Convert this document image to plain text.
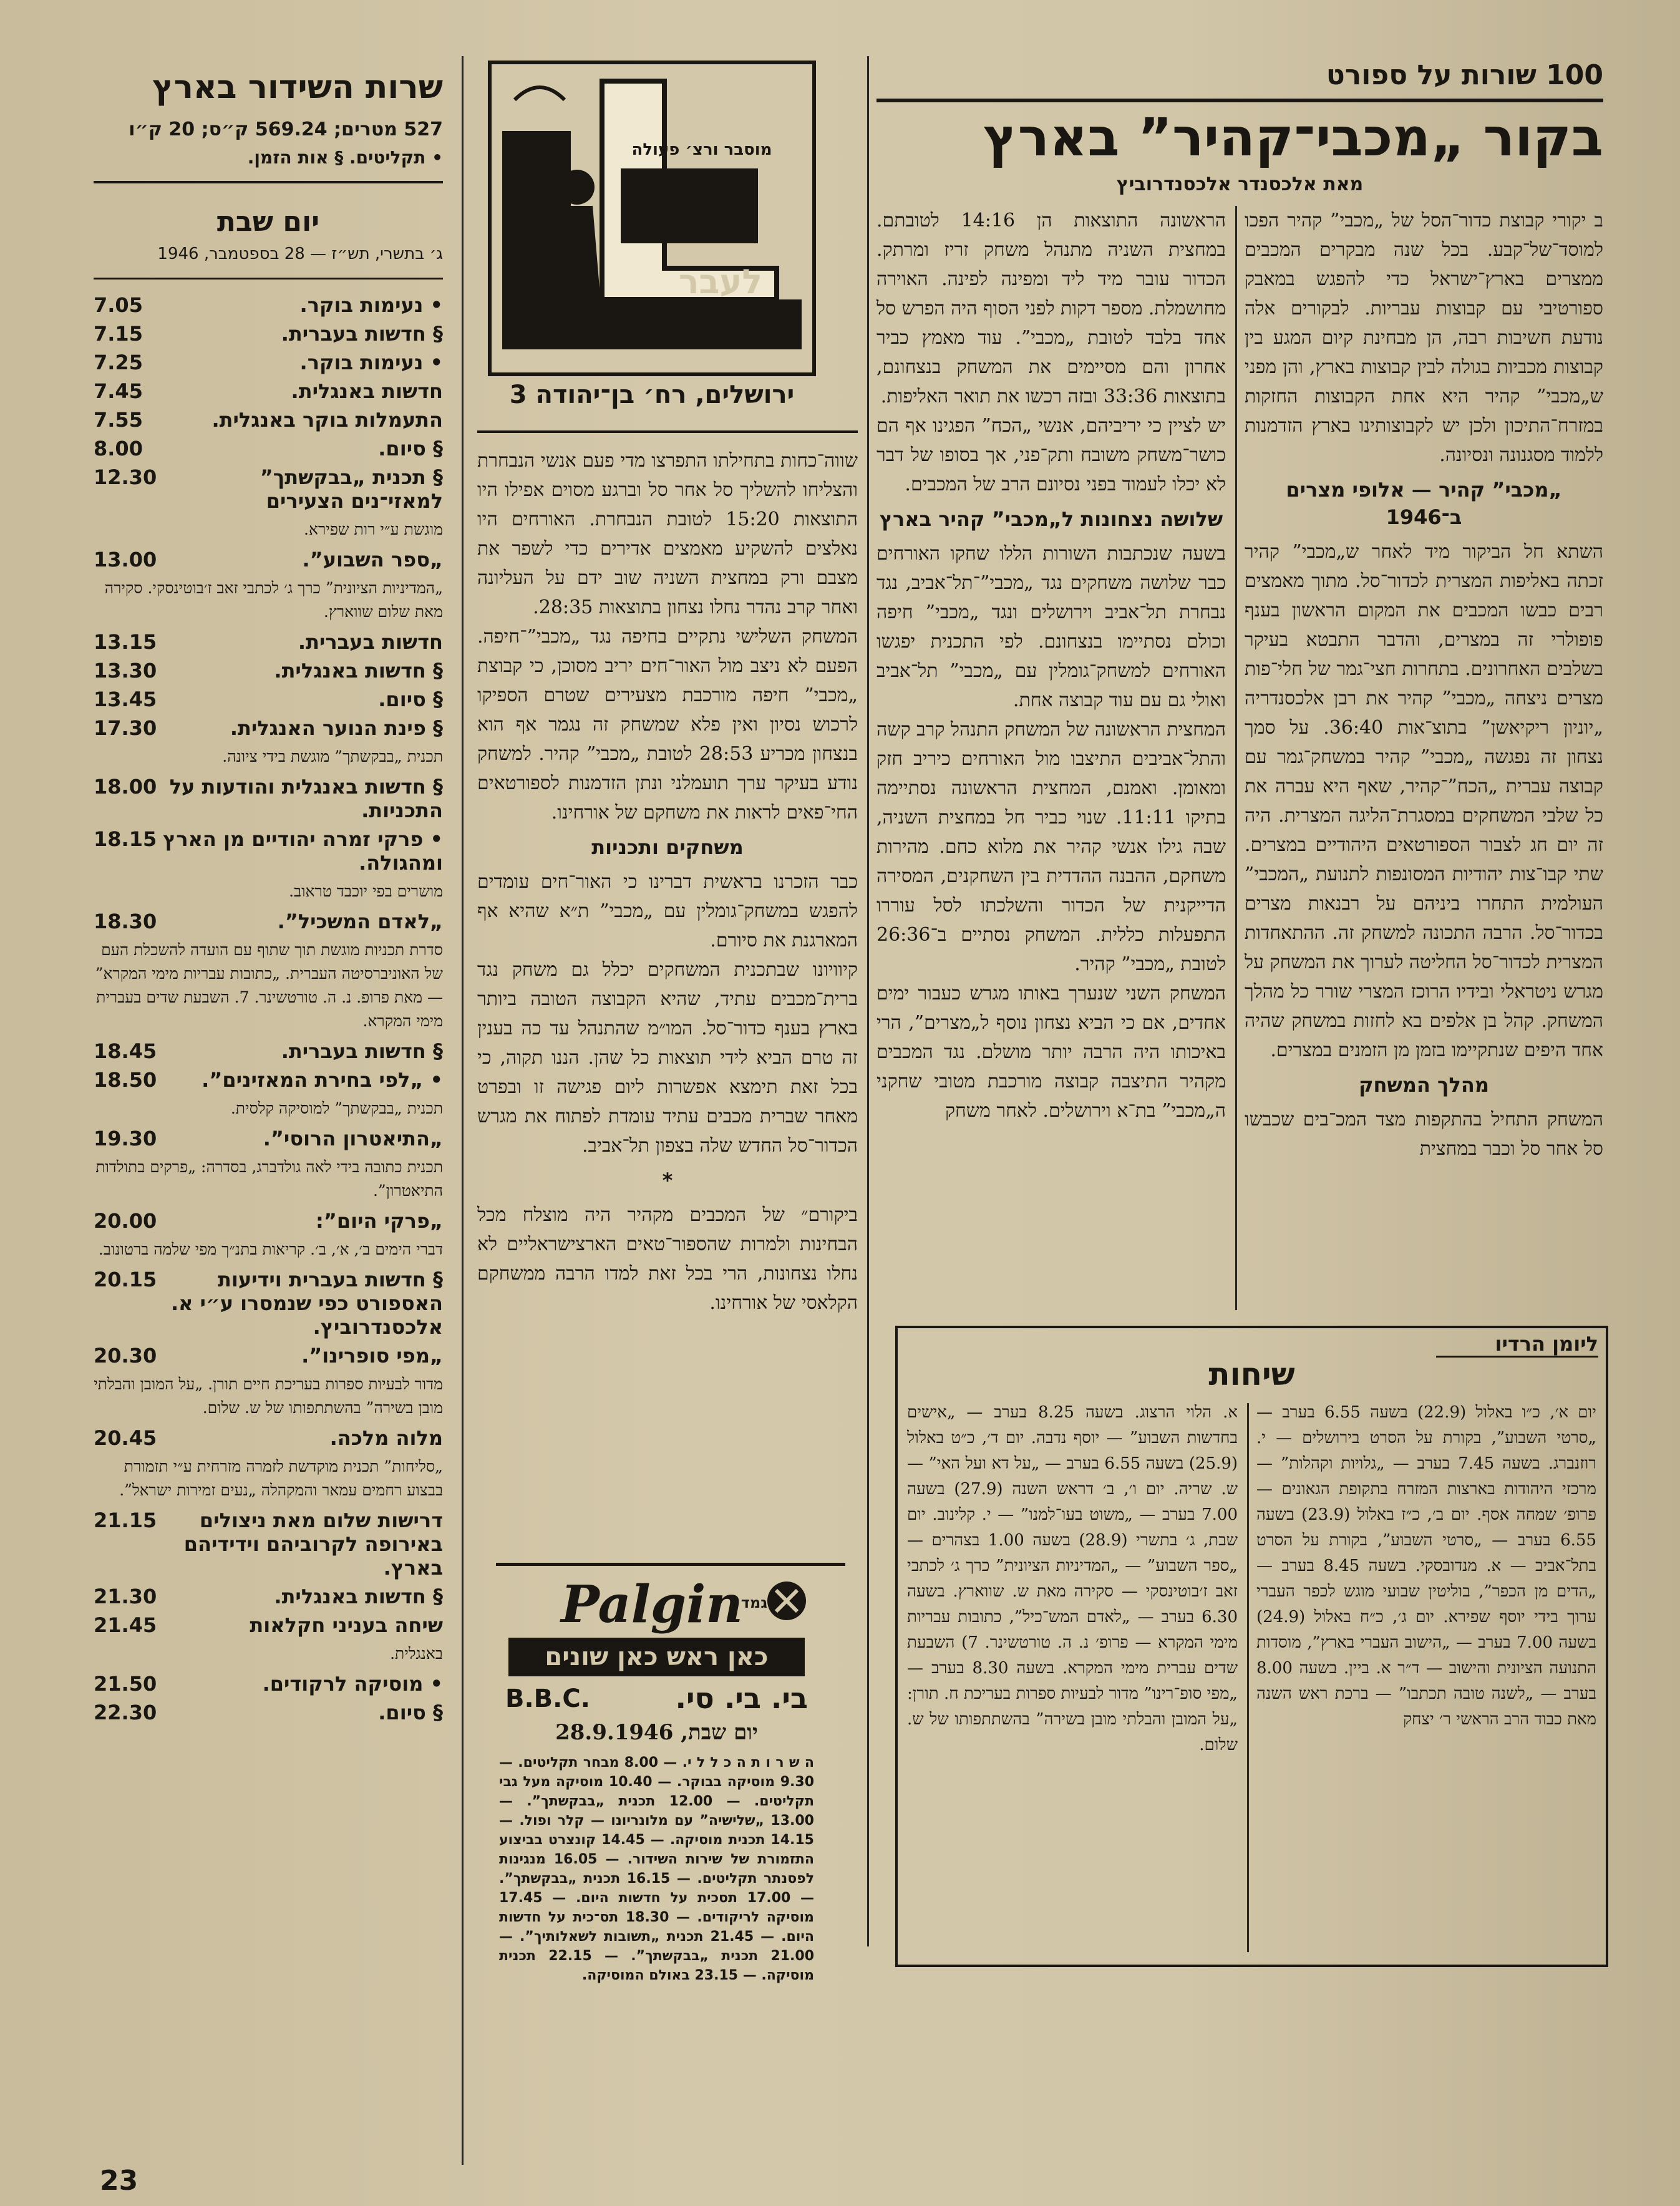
100 שורות על ספורט
בקור „מכבי־קהיר” בארץ
מאת אלכסנדר אלכסנדרוביץ

ב יקורי קבוצת כדור־הסל של „מכבי” קהיר הפכו למוסד־של־קבע. בכל שנה מבקרים המכבים ממצרים בארץ־ישראל כדי להפגש במאבק ספורטיבי עם קבוצות עבריות. לבקורים אלה נודעת חשיבות רבה, הן מבחינת קיום המגע בין קבוצות מכביות בגולה לבין קבוצות בארץ, והן מפני ש„מכבי” קהיר היא אחת הקבוצות החזקות במזרח־התיכון ולכן יש לקבוצותינו בארץ הזדמנות ללמוד מסגנונה ונסיונה.

„מכבי” קהיר — אלופי מצרים ב־1946

השתא חל הביקור מיד לאחר ש„מכבי” קהיר זכתה באליפות המצרית לכדור־סל. מתוך מאמצים רבים כבשו המכבים את המקום הראשון בענף פופולרי זה במצרים, והדבר התבטא בעיקר בשלבים האחרונים. בתחרות חצי־גמר של חלי־פות מצרים ניצחה „מכבי” קהיר את רבן אלכסנדריה „יוניון ריקיאשן” בתוצ־אות 36:40. על סמך נצחון זה נפגשה „מכבי” קהיר במשחק־גמר עם קבוצה עברית „הכח”־קהיר, שאף היא עברה את כל שלבי המשחקים במסגרת־הליגה המצרית. היה זה יום חג לצבור הספורטאים היהודיים במצרים. שתי קבו־צות יהודיות המסונפות לתנועת „המכבי” העולמית התחרו ביניהם על רבנאות מצרים בכדור־סל. הרבה התכונה למשחק זה. ההתאחדות המצרית לכדור־סל החליטה לערוך את המשחק על מגרש ניטראלי ובידיו הרוכז המצרי שורר כל מהלך המשחק. קהל בן אלפים בא לחזות במשחק שהיה אחד היפים שנתקיימו בזמן מן הזמנים במצרים.

מהלך המשחק

המשחק התחיל בהתקפות מצד המכ־בים שכבשו סל אחר סל וכבר במחצית

הראשונה התוצאות הן 14:16 לטובתם. במחצית השניה מתנהל משחק זריז ומרתק. הכדור עובר מיד ליד ומפינה לפינה. האוירה מחושמלת. מספר דקות לפני הסוף היה הפרש סל אחד בלבד לטובת „מכבי”. עוד מאמץ כביר אחרון והם מסיימים את המשחק בנצחונם, בתוצאות 33:36 ובזה רכשו את תואר האליפות.

יש לציין כי יריביהם, אנשי „הכח” הפגינו אף הם כושר־משחק משובח ותק־פני, אך בסופו של דבר לא יכלו לעמוד בפני נסיונם הרב של המכבים.

שלושה נצחונות ל„מכבי” קהיר בארץ

בשעה שנכתבות השורות הללו שחקו האורחים כבר שלושה משחקים נגד „מכבי”־תל־אביב, נגד נבחרת תל־אביב וירושלים ונגד „מכבי” חיפה וכולם נסתיימו בנצחונם. לפי התכנית יפגשו האורחים למשחק־גומלין עם „מכבי” תל־אביב ואולי גם עם עוד קבוצה אחת.

המחצית הראשונה של המשחק התנהל קרב קשה והתל־אביבים התיצבו מול האורחים כיריב חזק ומאומן. ואמנם, המחצית הראשונה נסתיימה בתיקו 11:11. שנוי כביר חל במחצית השניה, שבה גילו אנשי קהיר את מלוא כחם. מהירות משחקם, ההבנה ההדדית בין השחקנים, המסירה הדייקנית של הכדור והשלכתו לסל עוררו התפעלות כללית. המשחק נסתיים ב־26:36 לטובת „מכבי” קהיר.

המשחק השני שנערך באותו מגרש כעבור ימים אחדים, אם כי הביא נצחון נוסף ל„מצרים”, הרי באיכותו היה הרבה יותר מושלם. נגד המכבים מקהיר התיצבה קבוצה מורכבת מטובי שחקני ה„מכבי” בת־א וירושלים. לאחר משחק

מוסבר ורצ׳ פעולה
לעבר
ירושלים, רח׳ בן־יהודה 3

שווה־כחות בתחילתו התפרצו מדי פעם אנשי הנבחרת והצליחו להשליך סל אחר סל וברגע מסוים אפילו היו התוצאות 15:20 לטובת הנבחרת. האורחים היו נאלצים להשקיע מאמצים אדירים כדי לשפר את מצבם ורק במחצית השניה שוב ידם על העליונה ואחר קרב נהדר נחלו נצחון בתוצאות 28:35.

המשחק השלישי נתקיים בחיפה נגד „מכבי”־חיפה. הפעם לא ניצב מול האור־חים יריב מסוכן, כי קבוצת „מכבי” חיפה מורכבת מצעירים שטרם הספיקו לרכוש נסיון ואין פלא שמשחק זה נגמר אף הוא בנצחון מכריע 28:53 לטובת „מכבי” קהיר. למשחק נודע בעיקר ערך תועמלני ונתן הזדמנות לספורטאים החי־פאים לראות את משחקם של אורחינו.

משחקים ותכניות

כבר הזכרנו בראשית דברינו כי האור־חים עומדים להפגש במשחק־גומלין עם „מכבי” ת״א שהיא אף המארגנת את סיורם.

קיוויונו שבתכנית המשחקים יכלל גם משחק נגד ברית־מכבים עתיד, שהיא הקבוצה הטובה ביותר בארץ בענף כדור־סל. המו״מ שהתנהל עד כה בענין זה טרם הביא לידי תוצאות כל שהן. הננו תקוה, כי בכל זאת תימצא אפשרות ליום פגישה זו ובפרט מאחר שברית מכבים עתיד עומדת לפתוח את מגרש הכדור־סל החדש שלה בצפון תל־אביב.

*

ביקורם״ של המכבים מקהיר היה מוצלח מכל הבחינות ולמרות שהספור־טאים הארצישראליים לא נחלו נצחונות, הרי בכל זאת למדו הרבה ממשחקם הקלאסי של אורחינו.

Palgin
גמד
כאן ראש כאן שונים
B.B.C.	בי. בי. סי.
יום שבת, 28.9.1946
ה ש ר ו ת ה כ ל ל י. — 8.00 מבחר תקליטים. — 9.30 מוסיקה בבוקר. — 10.40 מוסיקה מעל גבי תקליטים. — 12.00 תכנית „בבקשתך”. — 13.00 „שלישיה” עם מלונריונו — קלר ופול. — 14.15 תכנית מוסיקה. — 14.45 קונצרט בביצוע התזמורת של שירות השידור. — 16.05 מנגינות לפסנתר תקליטים. — 16.15 תכנית „בבקשתך”. — 17.00 תסכית על חדשות היום. — 17.45 מוסיקה לריקודים. — 18.30 תס־כית על חדשות היום. — 21.45 תכנית „תשובות לשאלותיך”. — 21.00 תכנית „בבקשתך”. — 22.15 תכנית מוסיקה. — 23.15 באולם המוסיקה.
ליומן הרדיו
שיחות
יום א׳, כ״ו באלול (22.9) בשעה 6.55 בערב — „סרטי השבוע”, בקורת על הסרט בירושלים — י. רוזנברג. בשעה 7.45 בערב — „גלויות וקהלות” — מרכזי היהודות בארצות המזרח בתקופת הגאונים — פרופ׳ שמחה אסף. יום ב׳, כ״ז באלול (23.9) בשעה 6.55 בערב — „סרטי השבוע”, בקורת על הסרט בתל־אביב — א. מנדובסקי. בשעה 8.45 בערב — „הדים מן הכפר”, בוליטין שבועי מוגש לכפר העברי ערוך בידי יוסף שפירא. יום ג׳, כ״ח באלול (24.9) בשעה 7.00 בערב — „הישוב העברי בארץ”, מוסדות התנועה הציונית והישוב — ד״ר א. ביין. בשעה 8.00 בערב — „לשנה טובה תכתבו” — ברכת ראש השנה מאת כבוד הרב הראשי ר׳ יצחק
א. הלוי הרצוג. בשעה 8.25 בערב — „אישים בחדשות השבוע” — יוסף נדבה. יום ד׳, כ״ט באלול (25.9) בשעה 6.55 בערב — „על דא ועל האי” — ש. שריה. יום ו׳, ב׳ דראש השנה (27.9) בשעה 7.00 בערב — „משוט בעו־למנו” — י. קלינוב. יום שבת, ג׳ בתשרי (28.9) בשעה 1.00 בצהרים — „ספר השבוע” — „המדיניות הציונית” כרך ג׳ לכתבי זאב ז׳בוטינסקי — סקירה מאת ש. שווארץ. בשעה 6.30 בערב — „לאדם המש־כיל”, כתובות עבריות מימי המקרא — פרופ׳ נ. ה. טורטשינר. 7) השבעת שדים עברית מימי המקרא. בשעה 8.30 בערב — „מפי סופ־רינו” מדור לבעיות ספרות בעריכת ח. תורן: „על המובן והבלתי מובן בשירה” בהשתתפותו של ש. שלום.
שרות השידור בארץ
527 מטרים; 569.24 ק״ס; 20 ק״ו
• תקליטים. § אות הזמן.
יום שבת
ג׳ בתשרי, תש״ז — 28 בספטמבר, 1946
• נעימות בוקר.
7.05
§ חדשות בעברית.
7.15
• נעימות בוקר.
7.25
חדשות באנגלית.
7.45
התעמלות בוקר באנגלית.
7.55
§ סיום.
8.00
§ תכנית „בבקשתך” למאזי־נים הצעירים
12.30

מוגשת ע״י רות שפירא.

„ספר השבוע”.
13.00

„המדיניות הציונית” כרך ג׳ לכתבי זאב ז׳בוטינסקי. סקירה מאת שלום שווארץ.

חדשות בעברית.
13.15
§ חדשות באנגלית.
13.30
§ סיום.
13.45
§ פינת הנוער האנגלית.
17.30

תכנית „בבקשתך” מוגשת בידי ציונה.

§ חדשות באנגלית והודעות על התכניות.
18.00
• פרקי זמרה יהודיים מן הארץ ומהגולה.
18.15

מושרים בפי יוכבד טראוב.

„לאדם המשכיל”.
18.30

סדרת תכניות מוגשת תוך שתוף עם הועדה להשכלת העם של האוניברסיטה העברית. „כתובות עבריות מימי המקרא” — מאת פרופ. נ. ה. טורטשינר. 7. השבעת שדים בעברית מימי המקרא.

§ חדשות בעברית.
18.45
• „לפי בחירת המאזינים”.
18.50

תכנית „בבקשתך” למוסיקה קלסית.

„התיאטרון הרוסי”.
19.30

תכנית כתובה בידי לאה גולדברג, בסדרה: „פרקים בתולדות התיאטרון”.

„פרקי היום”:
20.00

דברי הימים ב׳, א׳, ב׳. קריאות בתנ״ך מפי שלמה ברטונוב.

§ חדשות בעברית וידיעות האספורט כפי שנמסרו ע״י א. אלכסנדרוביץ.
20.15
„מפי סופרינו”.
20.30

מדור לבעיות ספרות בעריכת חיים תורן. „על המובן והבלתי מובן בשירה” בהשתתפותו של ש. שלום.

מלוה מלכה.
20.45

„סליחות” תכנית מוקדשת לזמרה מזרחית ע״י תזמורת בבצוע רחמים עמאר והמקהלה „נעים זמירות ישראל”.

דרישות שלום מאת ניצולים באירופה לקרוביהם וידידיהם בארץ.
21.15
§ חדשות באנגלית.
21.30
שיחה בעניני חקלאות
21.45

באנגלית.

• מוסיקה לרקודים.
21.50
§ סיום.
22.30
23
